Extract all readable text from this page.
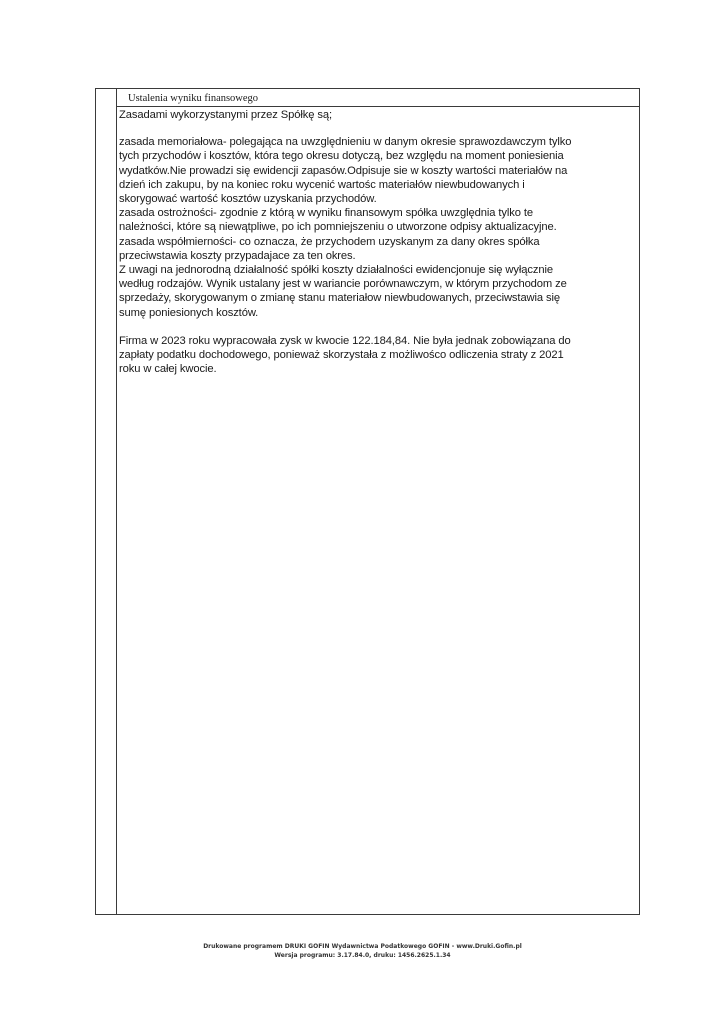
Ustalenia wyniku finansowego

Zasadami wykorzystanymi przez Spółkę są;

zasada memoriałowa- polegająca na uwzględnieniu w danym okresie sprawozdawczym tylko
tych przychodów i kosztów, która tego okresu dotyczą, bez względu na moment poniesienia
wydatków.Nie prowadzi się ewidencji zapasów.Odpisuje sie w koszty wartości materiałów na
dzień ich zakupu, by na koniec roku wycenić wartośc materiałów niewbudowanych i
skorygować wartość kosztów uzyskania przychodów.
zasada ostrożności- zgodnie z którą w wyniku finansowym spółka uwzględnia tylko te
należności, które są niewątpliwe, po ich pomniejszeniu o utworzone odpisy aktualizacyjne.
zasada współmierności- co oznacza, że przychodem uzyskanym za dany okres spółka
przeciwstawia koszty przypadajace za ten okres.
Z uwagi na jednorodną działalność spółki koszty działalności ewidencjonuje się wyłącznie
według rodzajów. Wynik ustalany jest w wariancie porównawczym, w którym przychodom ze
sprzedaży, skorygowanym o zmianę stanu materiałow niewbudowanych, przeciwstawia się
sumę poniesionych kosztów.

Firma w 2023 roku wypracowała zysk w kwocie 122.184,84. Nie była jednak zobowiązana do
zapłaty podatku dochodowego, ponieważ skorzystała z możliwośco odliczenia straty z 2021
roku w całej kwocie.

Drukowane programem DRUKI GOFIN Wydawnictwa Podatkowego GOFIN - www.Druki.Gofin.pl
Wersja programu: 3.17.84.0, druku: 1456.2625.1.34
